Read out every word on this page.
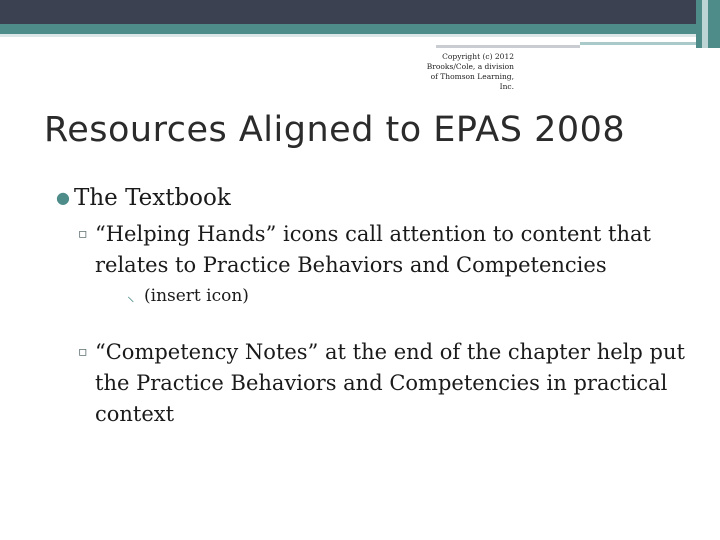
Copyright (c) 2012
Brooks/Cole, a division
of Thomson Learning,
Inc.
Resources Aligned to EPAS 2008
● The Textbook
▫ “Helping Hands” icons call attention to content that relates to Practice Behaviors and Competencies
⸜ (insert icon)
▫ “Competency Notes” at the end of the chapter help put the Practice Behaviors and Competencies in practical context
